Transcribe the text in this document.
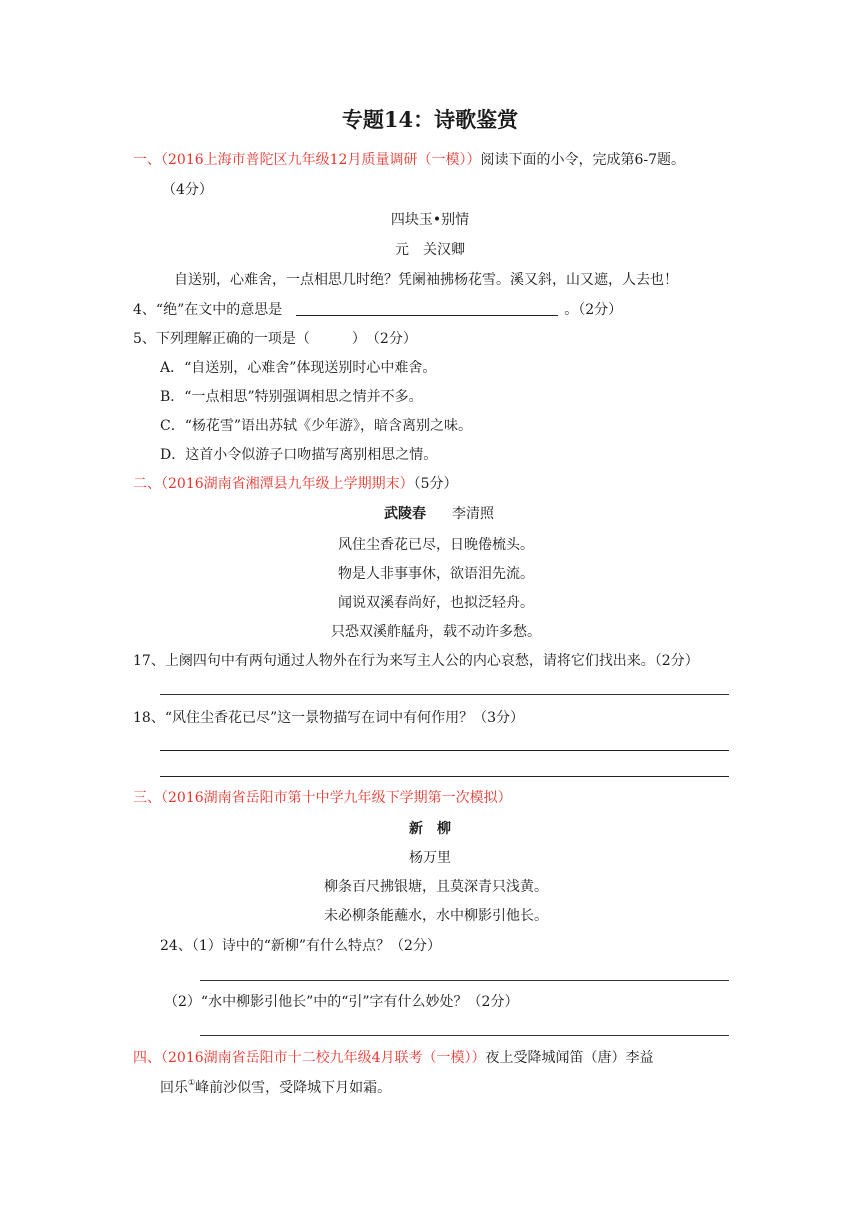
专题14：诗歌鉴赏
一、（2016上海市普陀区九年级12月质量调研（一模））阅读下面的小令，完成第6-7题。
（4分）
四块玉•别情
元　关汉卿
自送别，心难舍，一点相思几时绝？凭阑袖拂杨花雪。溪又斜，山又遮，人去也！
4、“绝”在文中的意思是	。（2分）
5、下列理解正确的一项是（　　　）　（2分）
A．“自送别，心难舍”体现送别时心中难舍。
B．“一点相思”特别强调相思之情并不多。
C．“杨花雪”语出苏轼《少年游》，暗含离别之味。
D．这首小令似游子口吻描写离别相思之情。
二、（2016湖南省湘潭县九年级上学期期末）（5分）
武陵春 李清照
风住尘香花已尽，日晚倦梳头。
物是人非事事休，欲语泪先流。
闻说双溪春尚好，也拟泛轻舟。
只恐双溪舴艋舟，载不动许多愁。
17、上阕四句中有两句通过人物外在行为来写主人公的内心哀愁，请将它们找出来。（2分）
18、“风住尘香花已尽”这一景物描写在词中有何作用？（3分）
三、（2016湖南省岳阳市第十中学九年级下学期第一次模拟）
新　柳
杨万里
柳条百尺拂银塘，且莫深青只浅黄。
未必柳条能蘸水，水中柳影引他长。
24、（1）诗中的“新柳”有什么特点？（2分）
（2）“水中柳影引他长”中的“引”字有什么妙处？（2分）
四、（2016湖南省岳阳市十二校九年级4月联考（一模））夜上受降城闻笛（唐）李益
回乐①峰前沙似雪，受降城下月如霜。
